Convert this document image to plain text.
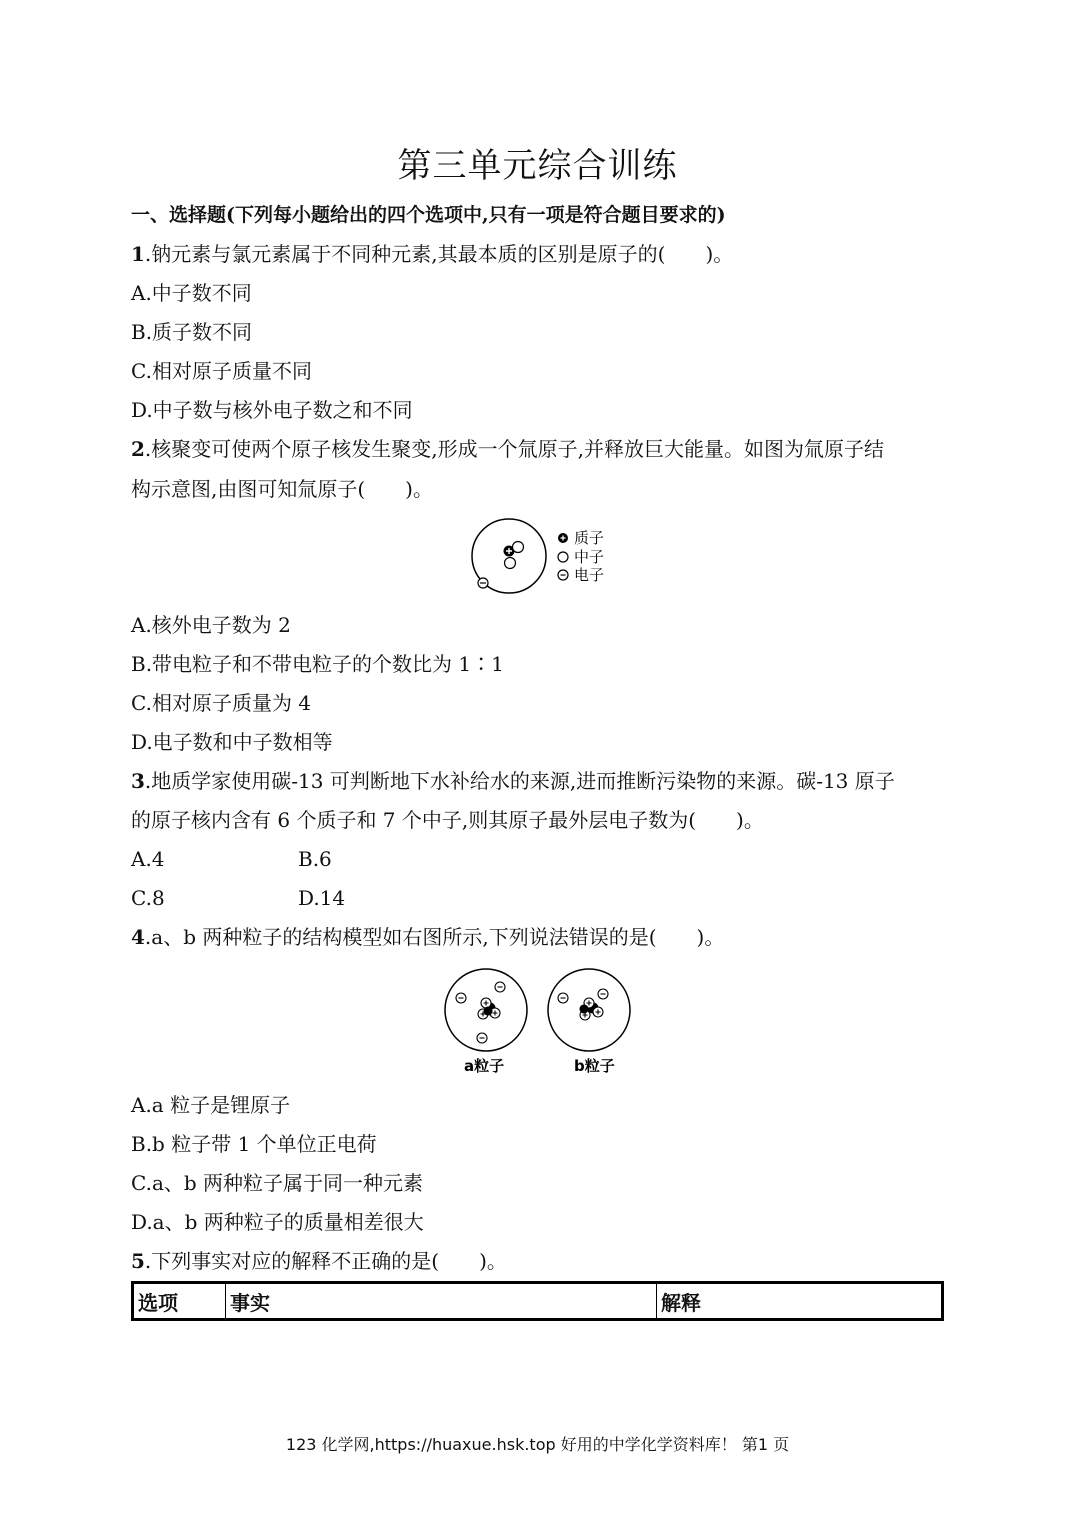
第三单元综合训练
一、选择题(下列每小题给出的四个选项中,只有一项是符合题目要求的)
1.钠元素与氯元素属于不同种元素,其最本质的区别是原子的(　　)。
A.中子数不同
B.质子数不同
C.相对原子质量不同
D.中子数与核外电子数之和不同
2.核聚变可使两个原子核发生聚变,形成一个氚原子,并释放巨大能量。如图为氚原子结
构示意图,由图可知氚原子(　　)。
质子
中子
电子
A.核外电子数为 2
B.带电粒子和不带电粒子的个数比为 1∶1
C.相对原子质量为 4
D.电子数和中子数相等
3.地质学家使用碳-13 可判断地下水补给水的来源,进而推断污染物的来源。碳-13 原子
的原子核内含有 6 个质子和 7 个中子,则其原子最外层电子数为(　　)。
A.4	B.6
C.8	D.14
4.a、b 两种粒子的结构模型如右图所示,下列说法错误的是(　　)。
a粒子	b粒子
A.a 粒子是锂原子
B.b 粒子带 1 个单位正电荷
C.a、b 两种粒子属于同一种元素
D.a、b 两种粒子的质量相差很大
5.下列事实对应的解释不正确的是(　　)。
选项	事实	解释
123 化学网,https://huaxue.hsk.top 好用的中学化学资料库！ 第1 页
